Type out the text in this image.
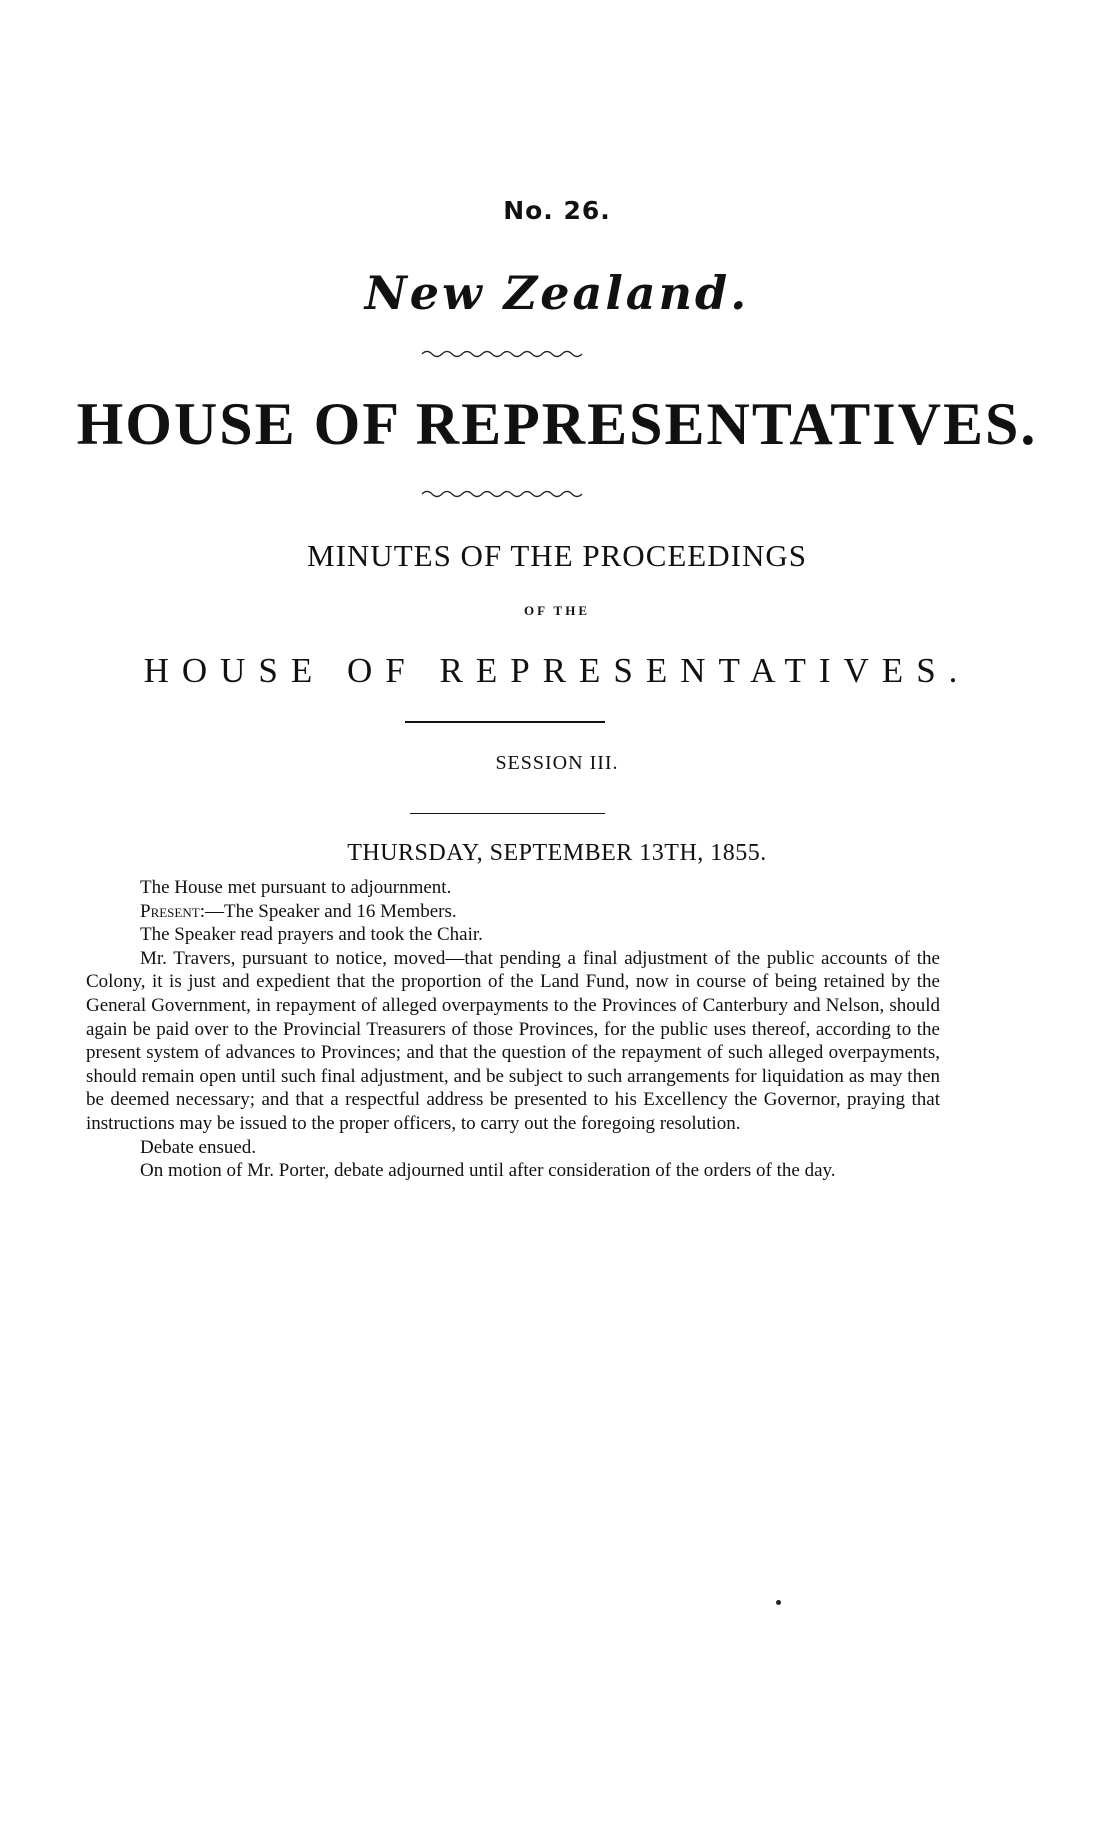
No. 26.
New Zealand.
HOUSE OF REPRESENTATIVES.
MINUTES OF THE PROCEEDINGS
OF THE
HOUSE OF REPRESENTATIVES.
SESSION III.
THURSDAY, SEPTEMBER 13TH, 1855.

The House met pursuant to adjournment.

Present:—The Speaker and 16 Members.

The Speaker read prayers and took the Chair.

Mr. Travers, pursuant to notice, moved—that pending a final adjustment of the public accounts of the Colony, it is just and expedient that the proportion of the Land Fund, now in course of being retained by the General Government, in repayment of alleged overpayments to the Provinces of Canterbury and Nelson, should again be paid over to the Provincial Treasurers of those Provinces, for the public uses thereof, according to the present system of advances to Provinces; and that the question of the repayment of such alleged overpayments, should remain open until such final adjustment, and be subject to such arrangements for liquidation as may then be deemed necessary; and that a respectful address be presented to his Excellency the Governor, praying that instructions may be issued to the proper officers, to carry out the foregoing resolution.

Debate ensued.

On motion of Mr. Porter, debate adjourned until after consideration of the orders of the day.
